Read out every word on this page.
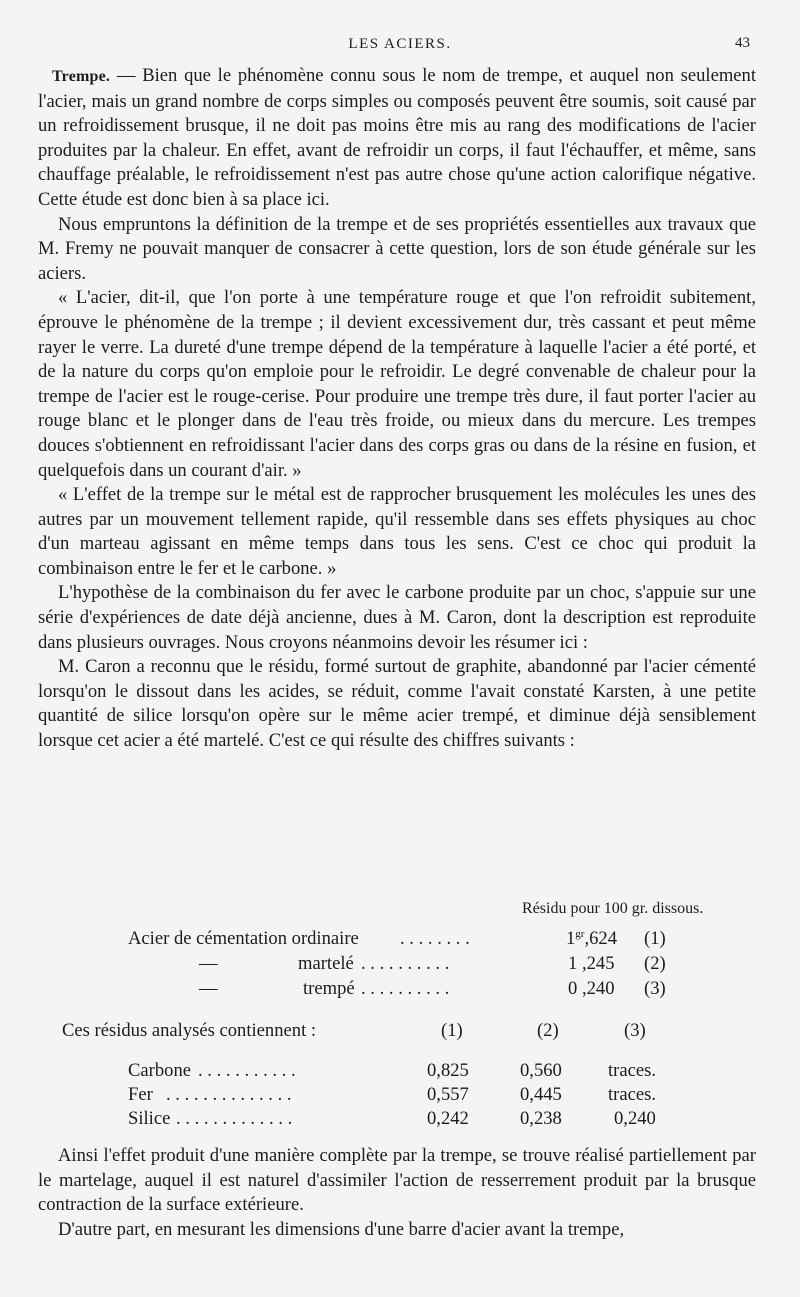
LES ACIERS.	43

Trempe. — Bien que le phénomène connu sous le nom de trempe, et auquel non seulement l'acier, mais un grand nombre de corps simples ou composés peuvent être soumis, soit causé par un refroidissement brusque, il ne doit pas moins être mis au rang des modifications de l'acier produites par la chaleur. En effet, avant de refroidir un corps, il faut l'échauffer, et même, sans chauffage préalable, le refroidissement n'est pas autre chose qu'une action calorifique négative. Cette étude est donc bien à sa place ici.

Nous empruntons la définition de la trempe et de ses propriétés essentielles aux travaux que M. Fremy ne pouvait manquer de consacrer à cette question, lors de son étude générale sur les aciers.

« L'acier, dit-il, que l'on porte à une température rouge et que l'on refroidit subitement, éprouve le phénomène de la trempe ; il devient excessivement dur, très cassant et peut même rayer le verre. La dureté d'une trempe dépend de la température à laquelle l'acier a été porté, et de la nature du corps qu'on emploie pour le refroidir. Le degré convenable de chaleur pour la trempe de l'acier est le rouge-cerise. Pour produire une trempe très dure, il faut porter l'acier au rouge blanc et le plonger dans de l'eau très froide, ou mieux dans du mercure. Les trempes douces s'obtiennent en refroidissant l'acier dans des corps gras ou dans de la résine en fusion, et quelquefois dans un courant d'air. »

« L'effet de la trempe sur le métal est de rapprocher brusquement les molécules les unes des autres par un mouvement tellement rapide, qu'il ressemble dans ses effets physiques au choc d'un marteau agissant en même temps dans tous les sens. C'est ce choc qui produit la combinaison entre le fer et le carbone. »

L'hypothèse de la combinaison du fer avec le carbone produite par un choc, s'appuie sur une série d'expériences de date déjà ancienne, dues à M. Caron, dont la description est reproduite dans plusieurs ouvrages. Nous croyons néanmoins devoir les résumer ici :

M. Caron a reconnu que le résidu, formé surtout de graphite, abandonné par l'acier cémenté lorsqu'on le dissout dans les acides, se réduit, comme l'avait constaté Karsten, à une petite quantité de silice lorsqu'on opère sur le même acier trempé, et diminue déjà sensiblement lorsque cet acier a été martelé. C'est ce qui résulte des chiffres suivants :

Résidu pour 100 gr. dissous.
Acier de cémentation ordinaire . . . . . . . .	$1^{gr},624$ (1)
—	martelé . . . . . . . . . .	1 ,245 (2)
—	trempé . . . . . . . . . .	0 ,240 (3)
Ces résidus analysés contiennent :	(1)	(2)	(3)
Carbone . . . . . . . . . . .	0,825	0,560 traces.
Fer . . . . . . . . . . . . . .	0,557	0,445 traces.
Silice . . . . . . . . . . . . .	0,242	0,238	0,240

Ainsi l'effet produit d'une manière complète par la trempe, se trouve réalisé partiellement par le martelage, auquel il est naturel d'assimiler l'action de resserrement produit par la brusque contraction de la surface extérieure.

D'autre part, en mesurant les dimensions d'une barre d'acier avant la trempe,
